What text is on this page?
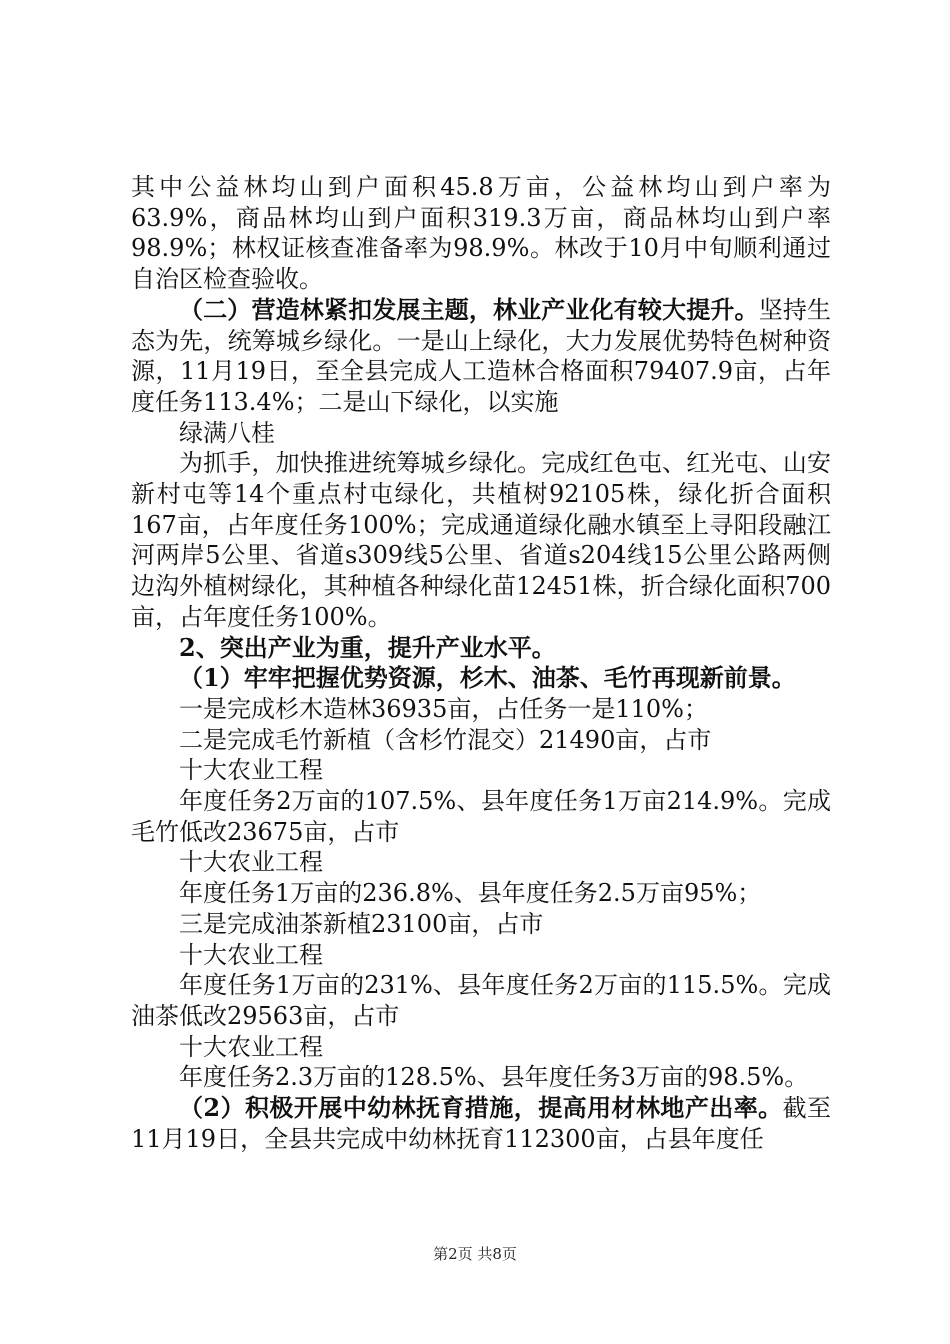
其中公益林均山到户面积45.8万亩，公益林均山到户率为63.9%，商品林均山到户面积319.3万亩，商品林均山到户率98.9%；林权证核查准备率为98.9%。林改于10月中旬顺利通过自治区检查验收。

（二）营造林紧扣发展主题，林业产业化有较大提升。坚持生态为先，统筹城乡绿化。一是山上绿化，大力发展优势特色树种资源，11月19日，至全县完成人工造林合格面积79407.9亩，占年度任务113.4%；二是山下绿化，以实施

绿满八桂

为抓手，加快推进统筹城乡绿化。完成红色屯、红光屯、山安新村屯等14个重点村屯绿化，共植树92105株，绿化折合面积167亩，占年度任务100%；完成通道绿化融水镇至上寻阳段融江河两岸5公里、省道s309线5公里、省道s204线15公里公路两侧边沟外植树绿化，其种植各种绿化苗12451株，折合绿化面积700亩，占年度任务100%。

2、突出产业为重，提升产业水平。

（1）牢牢把握优势资源，杉木、油茶、毛竹再现新前景。

一是完成杉木造林36935亩，占任务一是110%；

二是完成毛竹新植（含杉竹混交）21490亩，占市

十大农业工程

年度任务2万亩的107.5%、县年度任务1万亩214.9%。完成毛竹低改23675亩，占市

十大农业工程

年度任务1万亩的236.8%、县年度任务2.5万亩95%；

三是完成油茶新植23100亩，占市

十大农业工程

年度任务1万亩的231%、县年度任务2万亩的115.5%。完成油茶低改29563亩，占市

十大农业工程

年度任务2.3万亩的128.5%、县年度任务3万亩的98.5%。

（2）积极开展中幼林抚育措施，提高用材林地产出率。截至11月19日，全县共完成中幼林抚育112300亩，占县年度任

第2页 共8页
